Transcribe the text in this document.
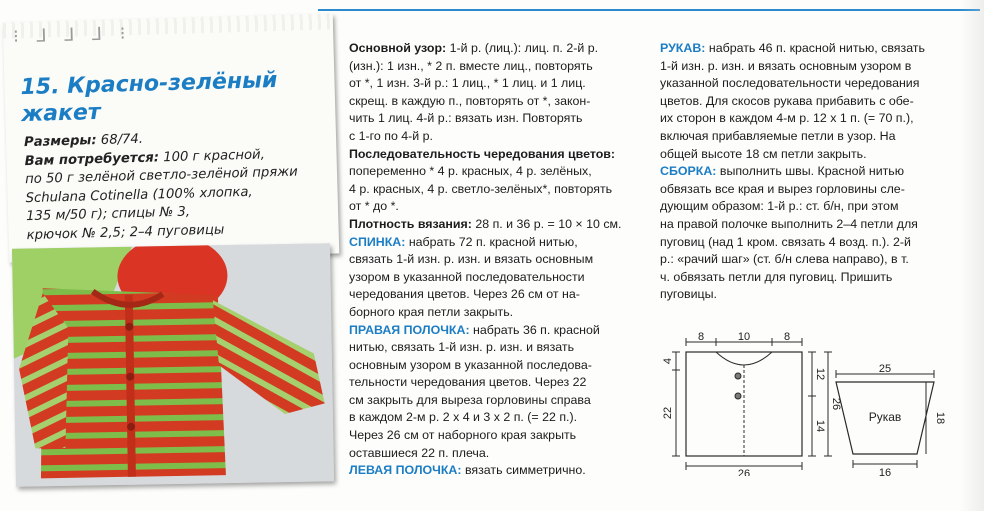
⁝ ⅃ ⅃ ⅃ ⁝
15. Красно-зелёный
жакет
Размеры: 68/74.
Вам потребуется: 100 г красной,
по 50 г зелёной светло-зелёной пряжи
Schulana Cotinella (100% хлопка,
135 м/50 г); спицы № 3,
крючок № 2,5; 2–4 пуговицы

Основной узор: 1-й р. (лиц.): лиц. п. 2-й р.

(изн.): 1 изн., * 2 п. вместе лиц., повторять

от *, 1 изн. 3-й р.: 1 лиц., * 1 лиц. и 1 лиц.

скрещ. в каждую п., повторять от *, закон-

чить 1 лиц. 4-й р.: вязать изн. Повторять

с 1-го по 4-й р.

Последовательность чередования цветов:

попеременно * 4 р. красных, 4 р. зелёных,

4 р. красных, 4 р. светло-зелёных*, повторять

от * до *.

Плотность вязания: 28 п. и 36 р. = 10 × 10 см.

СПИНКА: набрать 72 п. красной нитью,

связать 1-й изн. р. изн. и вязать основным

узором в указанной последовательности

чередования цветов. Через 26 см от на-

борного края петли закрыть.

ПРАВАЯ ПОЛОЧКА: набрать 36 п. красной

нитью, связать 1-й изн. р. изн. и вязать

основным узором в указанной последова-

тельности чередования цветов. Через 22

см закрыть для выреза горловины справа

в каждом 2-м р. 2 х 4 и 3 х 2 п. (= 22 п.).

Через 26 см от наборного края закрыть

оставшиеся 22 п. плеча.

ЛЕВАЯ ПОЛОЧКА: вязать симметрично.

РУКАВ: набрать 46 п. красной нитью, связать

1-й изн. р. изн. и вязать основным узором в

указанной последовательности чередования

цветов. Для скосов рукава прибавить с обе-

их сторон в каждом 4-м р. 12 х 1 п. (= 70 п.),

включая прибавляемые петли в узор. На

общей высоте 18 см петли закрыть.

СБОРКА: выполнить швы. Красной нитью

обвязать все края и вырез горловины сле-

дующим образом: 1-й р.: ст. б/н, при этом

на правой полочке выполнить 2–4 петли для

пуговиц (над 1 кром. связать 4 возд. п.). 2-й

р.: «рачий шаг» (ст. б/н слева направо), в т.

ч. обвязать петли для пуговиц. Пришить

пуговицы.

8	10	8
4
22
12
14
26
26
25
Рукав
16
18
